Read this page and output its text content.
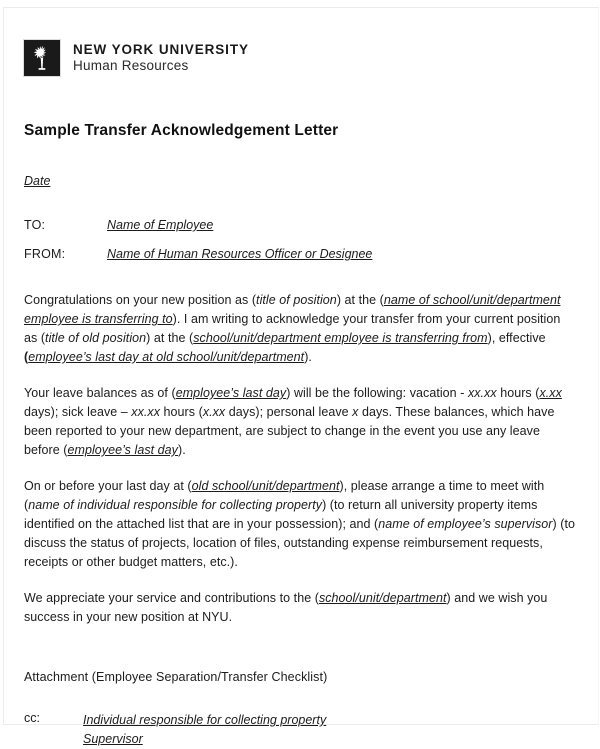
NEW YORK UNIVERSITY
Human Resources
Sample Transfer Acknowledgement Letter
Date
TO:	Name of Employee
FROM:	Name of Human Resources Officer or Designee

Congratulations on your new position as (title of position) at the (name of school/unit/department employee is transferring to). I am writing to acknowledge your transfer from your current position as (title of old position) at the (school/unit/department employee is transferring from), effective (employee’s last day at old school/unit/department).

Your leave balances as of (employee’s last day) will be the following: vacation - xx.xx hours (x.xx days); sick leave – xx.xx hours (x.xx days); personal leave x days. These balances, which have been reported to your new department, are subject to change in the event you use any leave before (employee’s last day).

On or before your last day at (old school/unit/department), please arrange a time to meet with (name of individual responsible for collecting property) (to return all university property items identified on the attached list that are in your possession); and (name of employee’s supervisor) (to discuss the status of projects, location of files, outstanding expense reimbursement requests, receipts or other budget matters, etc.).

We appreciate your service and contributions to the (school/unit/department) and we wish you success in your new position at NYU.

Attachment (Employee Separation/Transfer Checklist)

cc:	Individual responsible for collecting property
Supervisor
